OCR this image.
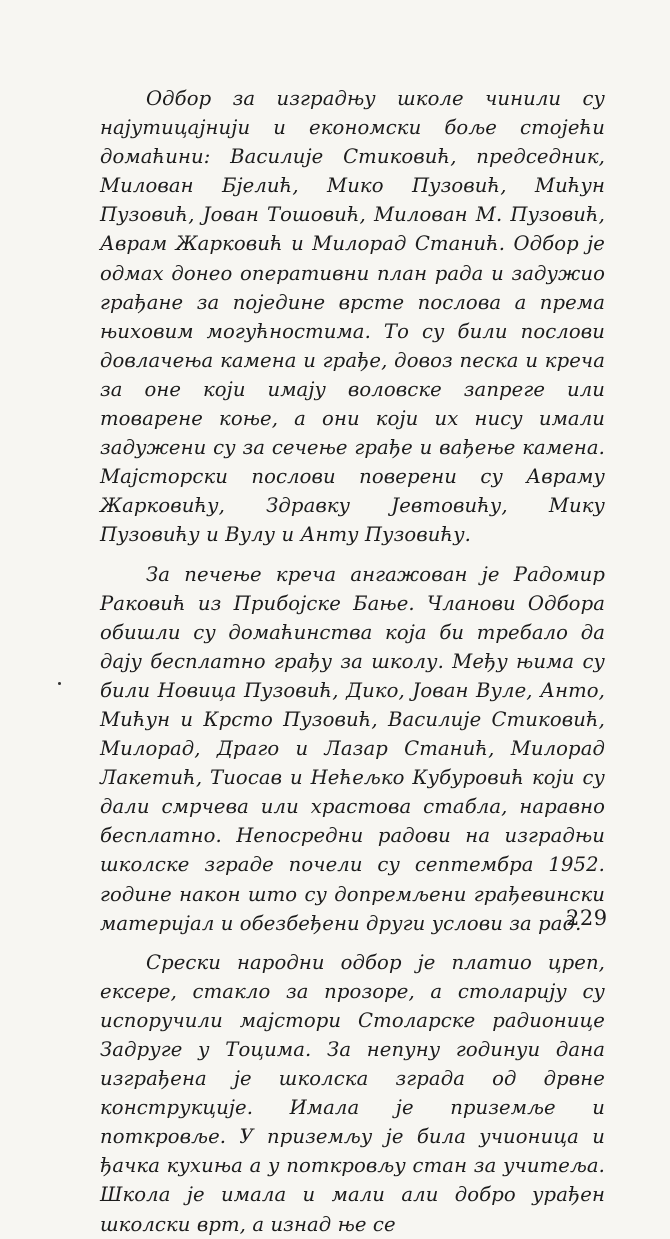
Одбор за изградњу школе чинили су најутицајнији и економски боље стојећи домаћини: Василије Стиковић, председник, Милован Бјелић, Мико Пузовић, Мићун Пузовић, Јован Тошовић, Милован М. Пузовић, Аврам Жарковић и Милорад Станић. Одбор је одмах донео оперативни план рада и задужио грађане за поједине врсте послова а према њиховим могућностима. То су били послови довлачења камена и грађе, довоз песка и креча за оне који имају воловске запреге или товарене коње, а они који их нису имали задужени су за сечење грађе и вађење камена. Мајсторски послови поверени су Авраму Жарковићу, Здравку Јевтовићу, Мику Пузовићу и Вулу и Анту Пузовићу.

За печење креча ангажован је Радомир Раковић из Прибојске Бање. Чланови Одбора обишли су домаћинства која би требало да дају бесплатно грађу за школу. Међу њима су били Новица Пузовић, Дико, Јован Вуле, Анто, Мићун и Крсто Пузовић, Василије Стиковић, Милорад, Драго и Лазар Станић, Милорад Лакетић, Тиосав и Нећељко Кубуровић који су дали смрчева или храстова стабла, наравно бесплатно. Непосредни радови на изградњи школске зграде почели су септембра 1952. године након што су допремљени грађевински материјал и обезбеђени други услови за рад.

Срески народни одбор је платио цреп, ексере, стакло за прозоре, а столарију су испоручили мајстори Столарске радионице Задруге у Тоцима. За непуну годинуи дана изграђена је школска зграда од дрвне конструкције. Имала је приземље и поткровље. У приземљу је била учионица и ђачка кухиња а у поткровљу стан за учитеља. Школа је имала и мали али добро урађен школски врт, а изнад ње се

229
